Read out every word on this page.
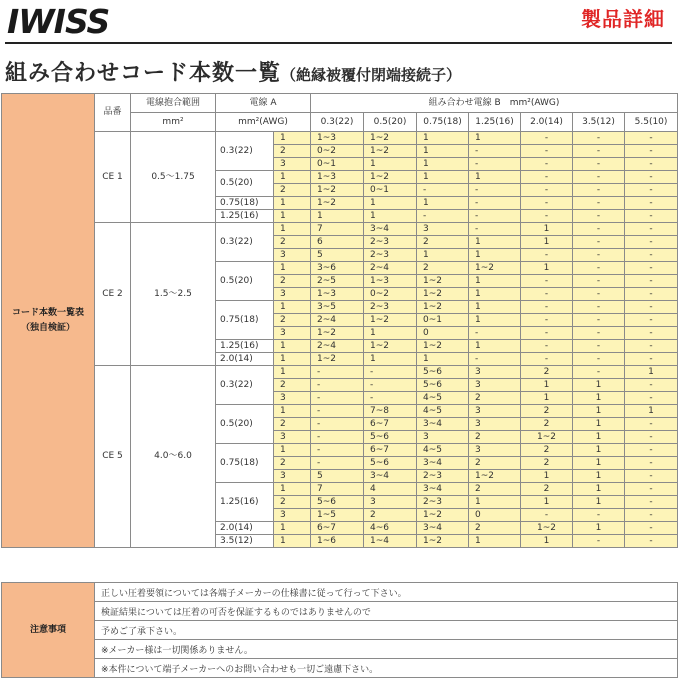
IWISS	製品詳細
組み合わせコード本数一覧（絶縁被覆付閉端接続子）
コード本数一覧表
（独自検証）	品番	電線抱合範囲	電線 A		組み合わせ電線 B　mm²(AWG)						
		mm²	mm²(AWG)		0.3(22)	0.5(20)	0.75(18)	1.25(16)	2.0(14)	3.5(12)	5.5(10)
	CE 1	0.5〜1.75	0.3(22)	1	1~3	1~2	1	1	-	-	-
				2	0~2	1~2	1	-	-	-	-
				3	0~1	1	1	-	-	-	-
			0.5(20)	1	1~3	1~2	1	1	-	-	-
				2	1~2	0~1	-	-	-	-	-
			0.75(18)	1	1~2	1	1	-	-	-	-
			1.25(16)	1	1	1	-	-	-	-	-
	CE 2	1.5〜2.5	0.3(22)	1	7	3~4	3	-	1	-	-
				2	6	2~3	2	1	1	-	-
				3	5	2~3	1	1	-	-	-
			0.5(20)	1	3~6	2~4	2	1~2	1	-	-
				2	2~5	1~3	1~2	1	-	-	-
				3	1~3	0~2	1~2	1	-	-	-
			0.75(18)	1	3~5	2~3	1~2	1	-	-	-
				2	2~4	1~2	0~1	1	-	-	-
				3	1~2	1	0	-	-	-	-
			1.25(16)	1	2~4	1~2	1~2	1	-	-	-
			2.0(14)	1	1~2	1	1	-	-	-	-
	CE 5	4.0〜6.0	0.3(22)	1	-	-	5~6	3	2	-	1
				2	-	-	5~6	3	1	1	-
				3	-	-	4~5	2	1	1	-
			0.5(20)	1	-	7~8	4~5	3	2	1	1
				2	-	6~7	3~4	3	2	1	-
				3	-	5~6	3	2	1~2	1	-
			0.75(18)	1	-	6~7	4~5	3	2	1	-
				2	-	5~6	3~4	2	2	1	-
				3	5	3~4	2~3	1~2	1	1	-
			1.25(16)	1	7	4	3~4	2	2	1	-
				2	5~6	3	2~3	1	1	1	-
				3	1~5	2	1~2	0	-	-	-
			2.0(14)	1	6~7	4~6	3~4	2	1~2	1	-
			3.5(12)	1	1~6	1~4	1~2	1	1	-	-
注意事項	正しい圧着要領については各端子メーカーの仕様書に従って行って下さい。
検証結果については圧着の可否を保証するものではありませんので
予めご了承下さい。
※メーカー様は一切関係ありません。
※本件について端子メーカーへのお問い合わせも一切ご遠慮下さい。
